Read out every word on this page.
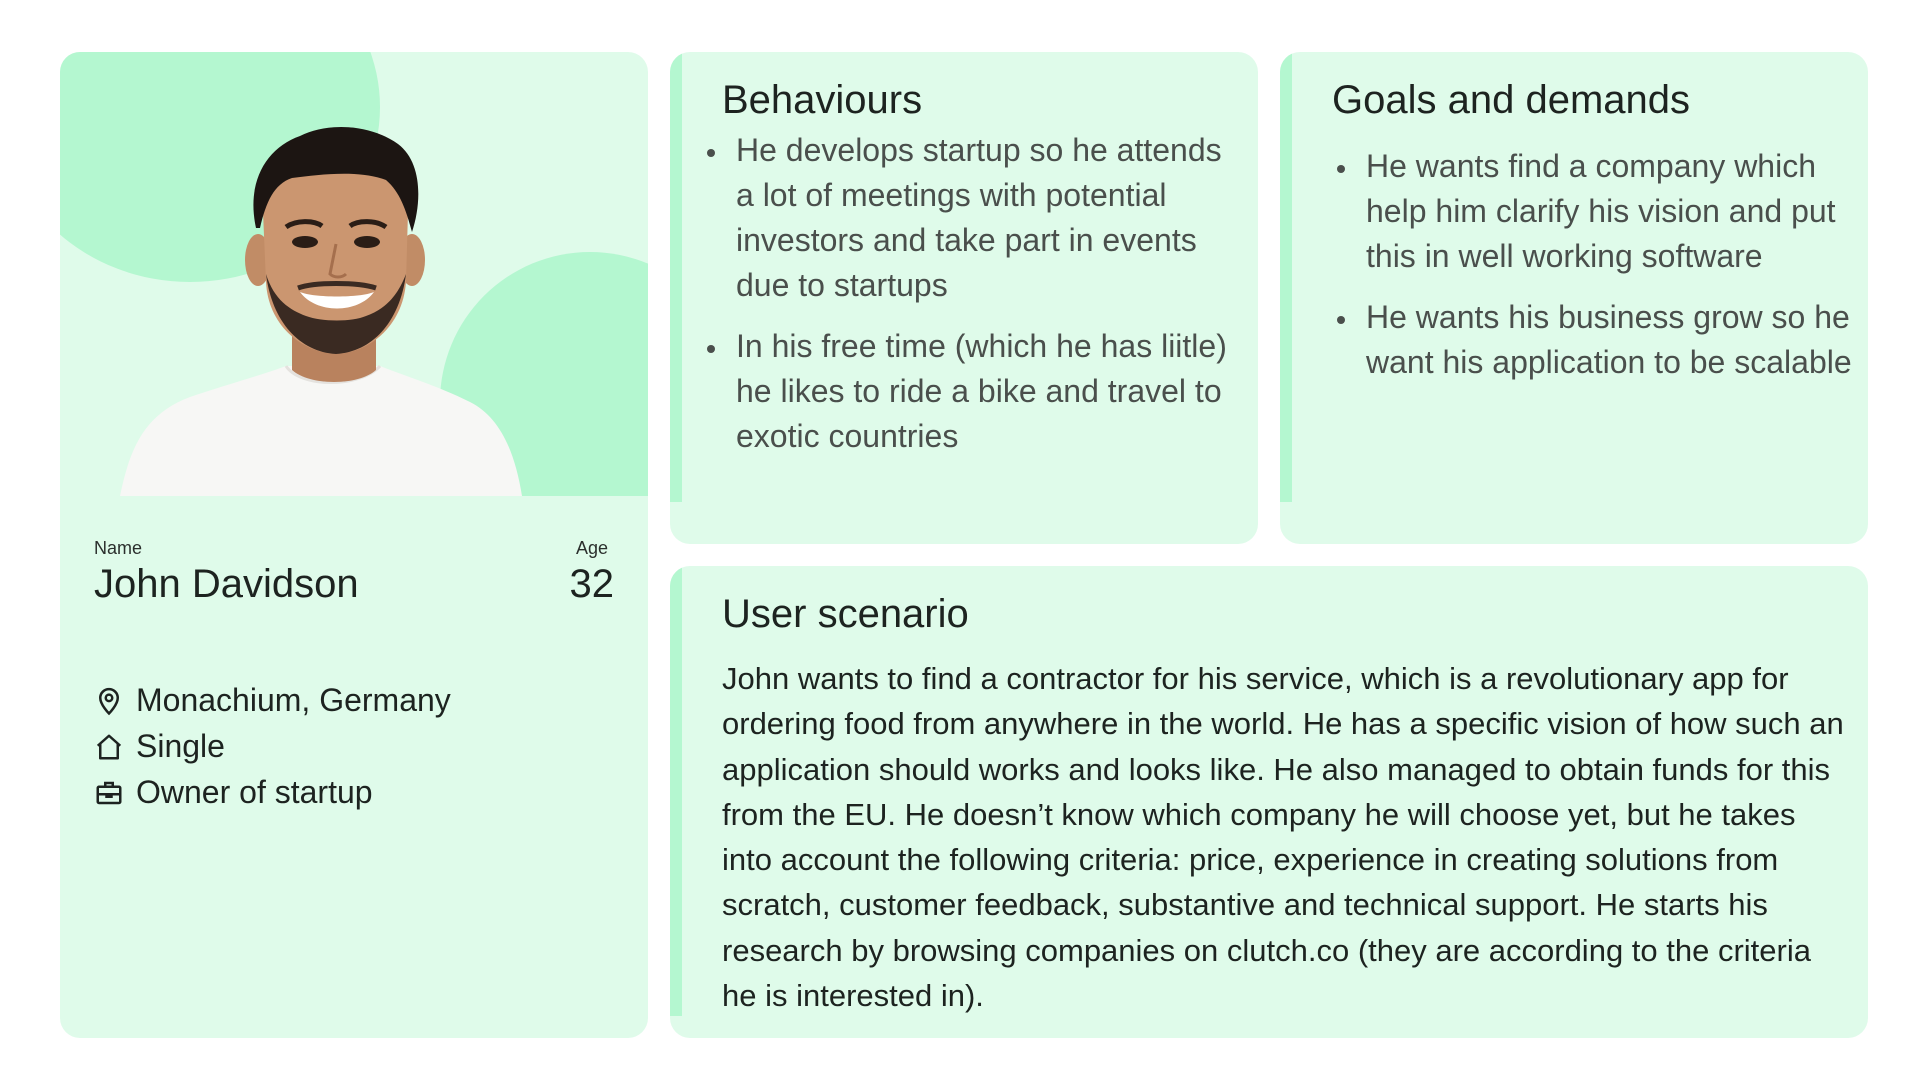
Name	Age
John Davidson	32
Monachium, Germany
Single
Owner of startup
Behaviours
• He develops startup so he attends a lot of meetings with potential investors and take part in events due to startups
• In his free time (which he has liitle) he likes to ride a bike and travel to exotic countries
Goals and demands
• He wants find a company which help him clarify his vision and put this in well working software
• He wants his business grow so he want his application to be scalable
User scenario

John wants to find a contractor for his service, which is a revolutionary app for ordering food from anywhere in the world. He has a specific vision of how such an application should works and looks like. He also managed to obtain funds for this from the EU. He doesn’t know which company he will choose yet, but he takes into account the following criteria: price, experience in creating solutions from scratch, customer feedback, substantive and technical support. He starts his research by browsing companies on clutch.co (they are according to the criteria he is interested in).
